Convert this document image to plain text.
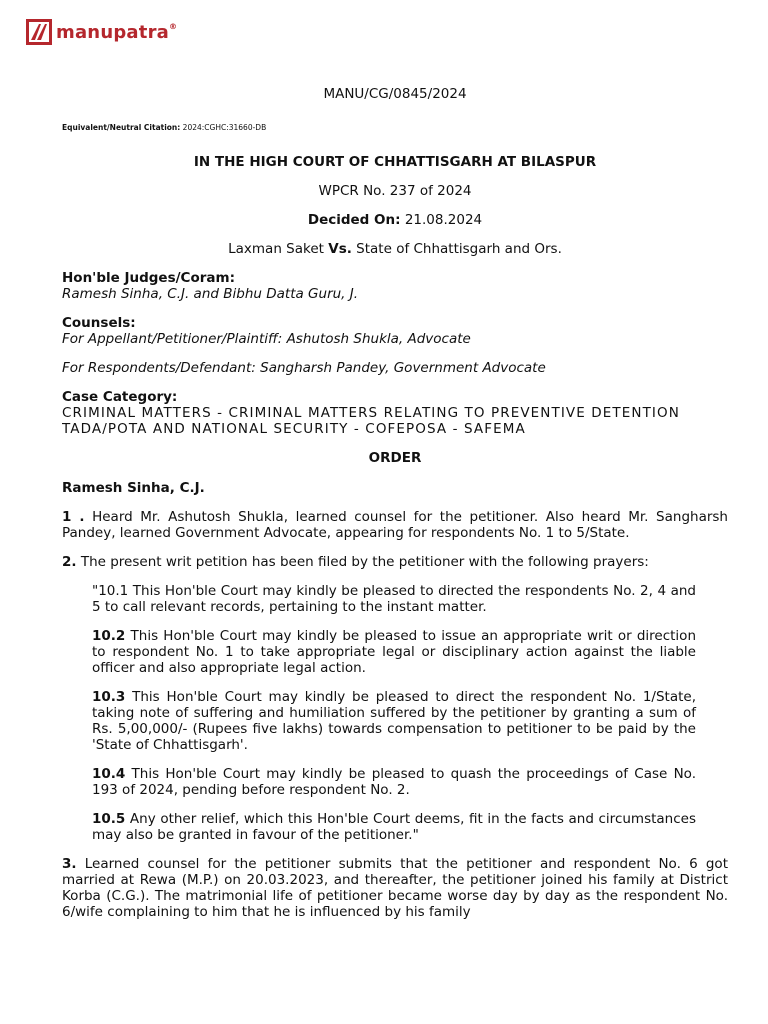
manupatra®
MANU/CG/0845/2024
Equivalent/Neutral Citation: 2024:CGHC:31660-DB
IN THE HIGH COURT OF CHHATTISGARH AT BILASPUR
WPCR No. 237 of 2024
Decided On: 21.08.2024
Laxman Saket Vs. State of Chhattisgarh and Ors.
Hon'ble Judges/Coram:
Ramesh Sinha, C.J. and Bibhu Datta Guru, J.
Counsels:
For Appellant/Petitioner/Plaintiff: Ashutosh Shukla, Advocate
For Respondents/Defendant: Sangharsh Pandey, Government Advocate
Case Category:
CRIMINAL MATTERS - CRIMINAL MATTERS RELATING TO PREVENTIVE DETENTION
TADA/POTA AND NATIONAL SECURITY - COFEPOSA - SAFEMA
ORDER
Ramesh Sinha, C.J.
1 . Heard Mr. Ashutosh Shukla, learned counsel for the petitioner. Also heard Mr. Sangharsh Pandey, learned Government Advocate, appearing for respondents No. 1 to 5/State.
2. The present writ petition has been filed by the petitioner with the following prayers:
"10.1 This Hon'ble Court may kindly be pleased to directed the respondents No. 2, 4 and 5 to call relevant records, pertaining to the instant matter.
10.2 This Hon'ble Court may kindly be pleased to issue an appropriate writ or direction to respondent No. 1 to take appropriate legal or disciplinary action against the liable officer and also appropriate legal action.
10.3 This Hon'ble Court may kindly be pleased to direct the respondent No. 1/State, taking note of suffering and humiliation suffered by the petitioner by granting a sum of Rs. 5,00,000/- (Rupees five lakhs) towards compensation to petitioner to be paid by the 'State of Chhattisgarh'.
10.4 This Hon'ble Court may kindly be pleased to quash the proceedings of Case No. 193 of 2024, pending before respondent No. 2.
10.5 Any other relief, which this Hon'ble Court deems, fit in the facts and circumstances may also be granted in favour of the petitioner."
3. Learned counsel for the petitioner submits that the petitioner and respondent No. 6 got married at Rewa (M.P.) on 20.03.2023, and thereafter, the petitioner joined his family at District Korba (C.G.). The matrimonial life of petitioner became worse day by day as the respondent No. 6/wife complaining to him that he is influenced by his family
